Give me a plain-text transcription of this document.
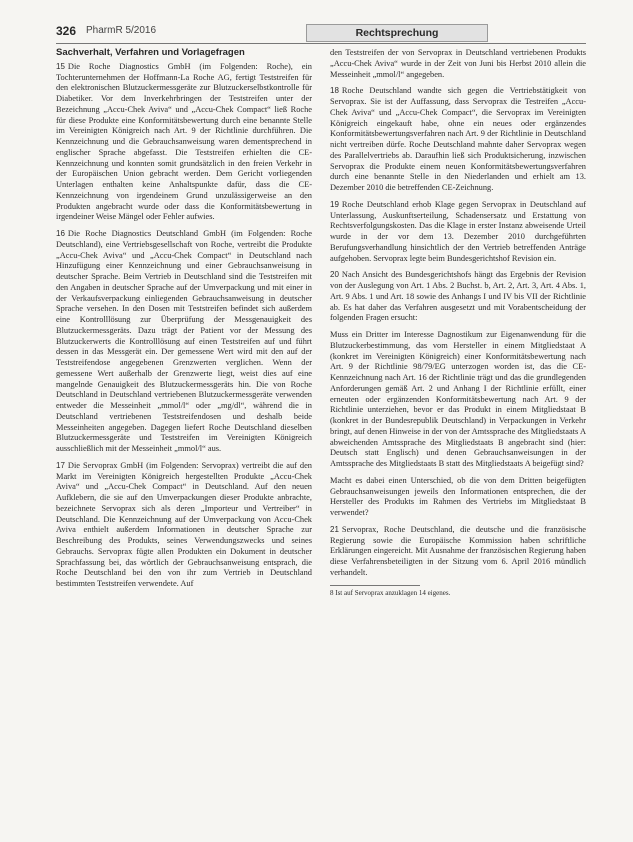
326 PharmR 5/2016	Rechtsprechung
Sachverhalt, Verfahren und Vorlagefragen

15 Die Roche Diagnostics GmbH (im Folgenden: Roche), ein Tochterunternehmen der Hoffmann-La Roche AG, fertigt Teststreifen für den elektronischen Blutzuckermessgeräte zur Blutzuckerselbstkontrolle für Diabetiker. Vor dem Inverkehrbringen der Teststreifen unter der Bezeichnung „Accu-Chek Aviva“ und „Accu-Chek Compact“ ließ Roche für diese Produkte eine Konformitätsbewertung durch eine benannte Stelle im Vereinigten Königreich nach Art. 9 der Richtlinie durchführen. Die Kennzeichnung und die Gebrauchsanweisung waren dementsprechend in englischer Sprache abgefasst. Die Teststreifen erhielten die CE-Kennzeichnung und konnten somit grundsätzlich in den freien Verkehr in der Europäischen Union gebracht werden. Dem Gericht vorliegenden Unterlagen enthalten keine Anhaltspunkte dafür, dass die CE-Kennzeichnung von irgendeinem Grund unzulässigerweise an den Produkten angebracht wurde oder dass die Konformitätsbewertung in irgendeiner Weise Mängel oder Fehler aufwies.

16 Die Roche Diagnostics Deutschland GmbH (im Folgenden: Roche Deutschland), eine Vertriebsgesellschaft von Roche, vertreibt die Produkte „Accu-Chek Aviva“ und „Accu-Chek Compact“ in Deutschland nach Hinzufügung einer Kennzeichnung und einer Gebrauchsanweisung in deutscher Sprache. Beim Vertrieb in Deutschland sind die Teststreifen mit den Angaben in deutscher Sprache auf der Umverpackung und mit einer in der Verkaufsverpackung einliegenden Gebrauchsanweisung in deutscher Sprache versehen. In den Dosen mit Teststreifen befindet sich außerdem eine Kontrolllösung zur Überprüfung der Messgenauigkeit des Blutzuckermessgeräts. Dazu trägt der Patient vor der Messung des Blutzuckerwerts die Kontrolllösung auf einen Teststreifen auf und führt dessen in das Messgerät ein. Der gemessene Wert wird mit den auf der Teststreifendose angegebenen Grenzwerten verglichen. Wenn der gemessene Wert außerhalb der Grenzwerte liegt, weist dies auf eine mangelnde Genauigkeit des Blutzuckermessgeräts hin. Die von Roche Deutschland in Deutschland vertriebenen Blutzuckermessgeräte verwenden entweder die Messeinheit „mmol/l“ oder „mg/dl“, während die in Deutschland vertriebenen Teststreifendosen und deshalb beide Messeinheiten angegeben. Dagegen liefert Roche Deutschland dieselben Blutzuckermessgeräte und Teststreifen im Vereinigten Königreich ausschließlich mit der Messeinheit „mmol/l“ aus.

17 Die Servoprax GmbH (im Folgenden: Servoprax) vertreibt die auf den Markt im Vereinigten Königreich hergestellten Produkte „Accu-Chek Aviva“ und „Accu-Chek Compact“ in Deutschland. Auf den neuen Aufklebern, die sie auf den Umverpackungen dieser Produkte anbrachte, bezeichnete Servoprax sich als deren „Importeur und Vertreiber“ in Deutschland. Die Kennzeichnung auf der Umverpackung von Accu-Chek Aviva enthielt außerdem Informationen in deutscher Sprache zur Beschreibung des Produkts, seines Verwendungszwecks und seines Gebrauchs. Servoprax fügte allen Produkten ein Dokument in deutscher Sprachfassung bei, das wörtlich der Gebrauchsanweisung entsprach, die Roche Deutschland bei den von ihr zum Vertrieb in Deutschland bestimmten Teststreifen verwendete. Auf

den Teststreifen der von Servoprax in Deutschland vertriebenen Produkts „Accu-Chek Aviva“ wurde in der Zeit von Juni bis Herbst 2010 allein die Messeinheit „mmol/l“ angegeben.

18 Roche Deutschland wandte sich gegen die Vertriebstätigkeit von Servoprax. Sie ist der Auffassung, dass Servoprax die Testreifen „Accu-Chek Aviva“ und „Accu-Chek Compact“, die Servoprax im Vereinigten Königreich eingekauft habe, ohne ein neues oder ergänzendes Konformitätsbewertungsverfahren nach Art. 9 der Richtlinie in Deutschland nicht vertreiben dürfe. Roche Deutschland mahnte daher Servoprax wegen des Parallelvertriebs ab. Daraufhin ließ sich Produktsicherung, inzwischen Servoprax die Produkte einem neuen Konformitätsbewertungsverfahren durch eine benannte Stelle in den Niederlanden und erhielt am 13. Dezember 2010 die betreffenden CE-Zeichnung.

19 Roche Deutschland erhob Klage gegen Servoprax in Deutschland auf Unterlassung, Auskunftserteilung, Schadensersatz und Erstattung von Rechtsverfolgungskosten. Das die Klage in erster Instanz abweisende Urteil wurde in der vor dem 13. Dezember 2010 durchgeführten Berufungsverhandlung hinsichtlich der den Vertrieb betreffenden Anträge aufgehoben. Servoprax legte beim Bundesgerichtshof Revision ein.

20 Nach Ansicht des Bundesgerichtshofs hängt das Ergebnis der Revision von der Auslegung von Art. 1 Abs. 2 Buchst. b, Art. 2, Art. 3, Art. 4 Abs. 1, Art. 9 Abs. 1 und Art. 18 sowie des Anhangs I und IV bis VII der Richtlinie ab. Es hat daher das Verfahren ausgesetzt und mit Vorabentscheidung der folgenden Fragen ersucht:

Muss ein Dritter im Interesse Dagnostikum zur Eigenanwendung für die Blutzuckerbestimmung, das vom Hersteller in einem Mitgliedstaat A (konkret im Vereinigten Königreich) einer Konformitätsbewertung nach Art. 9 der Richtlinie 98/79/EG unterzogen worden ist, das die CE-Kennzeichnung nach Art. 16 der Richtlinie trägt und das die grundlegenden Anforderungen gemäß Art. 2 und Anhang I der Richtlinie erfüllt, einer erneuten oder ergänzenden Konformitätsbewertung nach Art. 9 der Richtlinie unterziehen, bevor er das Produkt in einem Mitgliedstaat B (konkret in der Bundesrepublik Deutschland) in Verpackungen in Verkehr bringt, auf denen Hinweise in der von der Amtssprache des Mitgliedstaats A abweichenden Amtssprache des Mitgliedstaats B angebracht sind (hier: Deutsch statt Englisch) und denen Gebrauchsanweisungen in der Amtssprache des Mitgliedstaats B statt des Mitgliedstaats A beigefügt sind?

Macht es dabei einen Unterschied, ob die von dem Dritten beigefügten Gebrauchsanweisungen jeweils den Informationen entsprechen, die der Hersteller des Produkts im Rahmen des Vertriebs im Mitgliedstaat B verwendet?

21 Servoprax, Roche Deutschland, die deutsche und die französische Regierung sowie die Europäische Kommission haben schriftliche Erklärungen eingereicht. Mit Ausnahme der französischen Regierung haben diese Verfahrensbeteiligten in der Sitzung vom 6. April 2016 mündlich verhandelt.

8 Ist auf Servoprax anzuklagen 14 eigenes.
